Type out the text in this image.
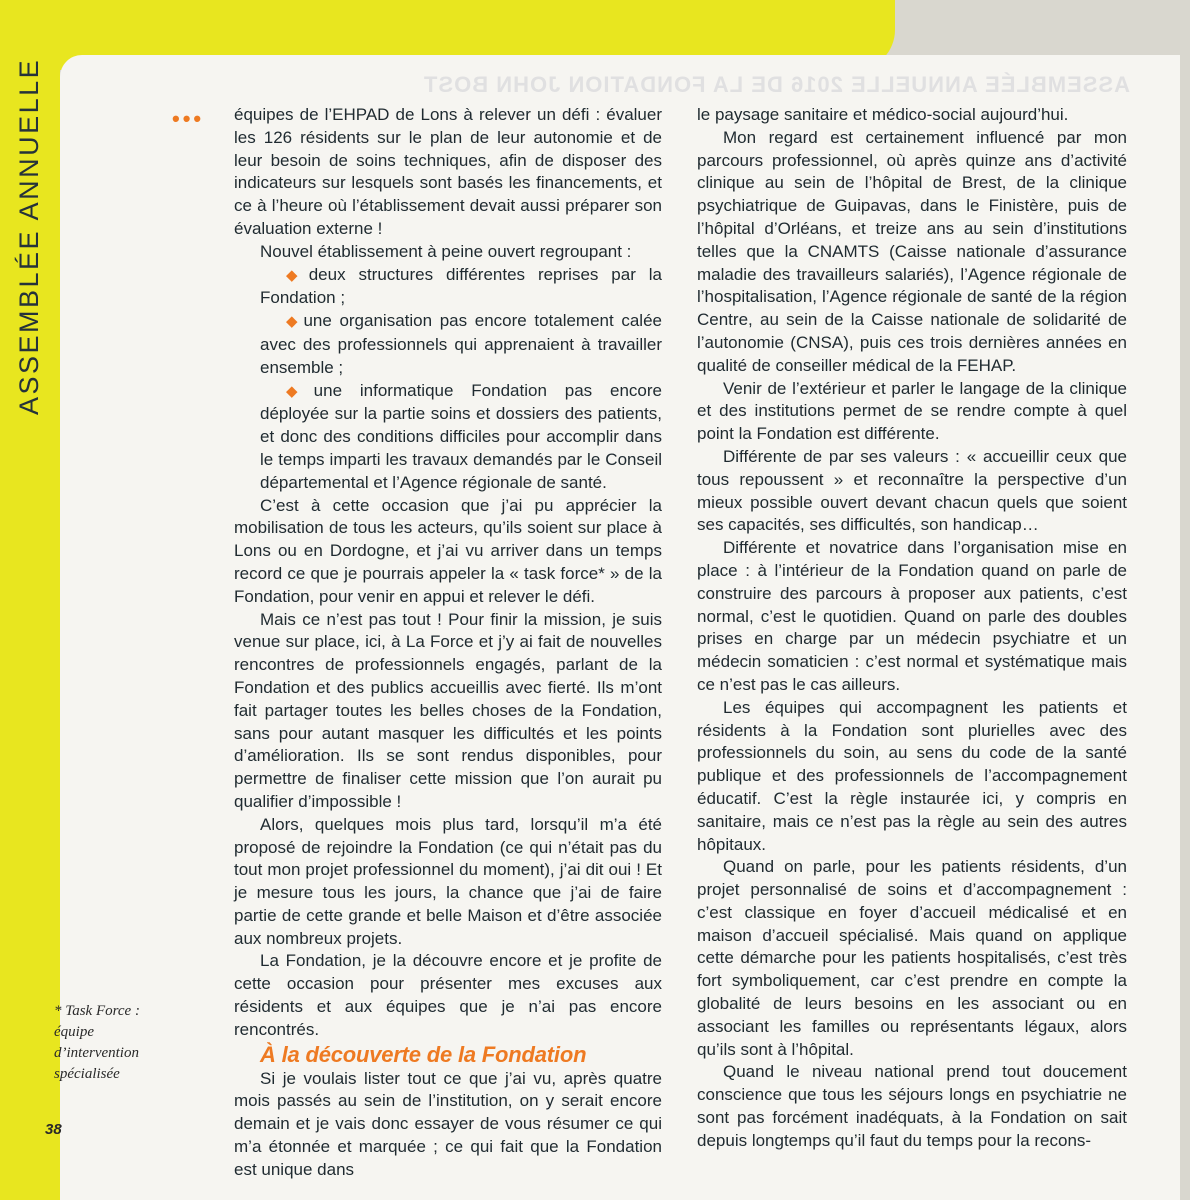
ASSEMBLÉE ANNUELLE 2016 DE LA FONDATION JOHN BOST
ASSEMBLÉE ANNUELLE	••• équipes de l’EHPAD de Lons à relever un défi : évaluer les 126 résidents sur le plan de leur autonomie et de leur besoin de soins techniques, afin de disposer des indicateurs sur lesquels sont basés les financements, et ce à l’heure où l’établissement devait aussi préparer son évaluation externe !

Nouvel établissement à peine ouvert regroupant :

◆ deux structures différentes reprises par la Fondation ;

◆ une organisation pas encore totalement calée avec des professionnels qui apprenaient à travailler ensemble ;

◆ une informatique Fondation pas encore déployée sur la partie soins et dossiers des patients, et donc des conditions difficiles pour accomplir dans le temps imparti les travaux demandés par le Conseil départemental et l’Agence régionale de santé.

C’est à cette occasion que j’ai pu apprécier la mobilisation de tous les acteurs, qu’ils soient sur place à Lons ou en Dordogne, et j’ai vu arriver dans un temps record ce que je pourrais appeler la « task force* » de la Fondation, pour venir en appui et relever le défi.

Mais ce n’est pas tout ! Pour finir la mission, je suis venue sur place, ici, à La Force et j’y ai fait de nouvelles rencontres de professionnels engagés, parlant de la Fondation et des publics accueillis avec fierté. Ils m’ont fait partager toutes les belles choses de la Fondation, sans pour autant masquer les difficultés et les points d’amélioration. Ils se sont rendus disponibles, pour permettre de finaliser cette mission que l’on aurait pu qualifier d’impossible !

Alors, quelques mois plus tard, lorsqu’il m’a été proposé de rejoindre la Fondation (ce qui n’était pas du tout mon projet professionnel du moment), j’ai dit oui ! Et je mesure tous les jours, la chance que j’ai de faire partie de cette grande et belle Maison et d’être associée aux nombreux projets.

La Fondation, je la découvre encore et je profite de cette occasion pour présenter mes excuses aux résidents et aux équipes que je n’ai pas encore rencontrés.

À la découverte de la Fondation

Si je voulais lister tout ce que j’ai vu, après quatre mois passés au sein de l’institution, on y serait encore demain et je vais donc essayer de vous résumer ce qui m’a étonnée et marquée ; ce qui fait que la Fondation est unique dans

le paysage sanitaire et médico-social aujourd’hui.

Mon regard est certainement influencé par mon parcours professionnel, où après quinze ans d’activité clinique au sein de l’hôpital de Brest, de la clinique psychiatrique de Guipavas, dans le Finistère, puis de l’hôpital d’Orléans, et treize ans au sein d’institutions telles que la CNAMTS (Caisse nationale d’assurance maladie des travailleurs salariés), l’Agence régionale de l’hospitalisation, l’Agence régionale de santé de la région Centre, au sein de la Caisse nationale de solidarité de l’autonomie (CNSA), puis ces trois dernières années en qualité de conseiller médical de la FEHAP.

Venir de l’extérieur et parler le langage de la clinique et des institutions permet de se rendre compte à quel point la Fondation est différente.

Différente de par ses valeurs : « accueillir ceux que tous repoussent » et reconnaître la perspective d’un mieux possible ouvert devant chacun quels que soient ses capacités, ses difficultés, son handicap…

Différente et novatrice dans l’organisation mise en place : à l’intérieur de la Fondation quand on parle de construire des parcours à proposer aux patients, c’est normal, c’est le quotidien. Quand on parle des doubles prises en charge par un médecin psychiatre et un médecin somaticien : c’est normal et systématique mais ce n’est pas le cas ailleurs.

Les équipes qui accompagnent les patients et résidents à la Fondation sont plurielles avec des professionnels du soin, au sens du code de la santé publique et des professionnels de l’accompagnement éducatif. C’est la règle instaurée ici, y compris en sanitaire, mais ce n’est pas la règle au sein des autres hôpitaux.

Quand on parle, pour les patients résidents, d’un projet personnalisé de soins et d’accompagnement : c’est classique en foyer d’accueil médicalisé et en maison d’accueil spécialisé. Mais quand on applique cette démarche pour les patients hospitalisés, c’est très fort symboliquement, car c’est prendre en compte la globalité de leurs besoins en les associant ou en associant les familles ou représentants légaux, alors qu’ils sont à l’hôpital.

Quand le niveau national prend tout doucement conscience que tous les séjours longs en psychiatrie ne sont pas forcément inadéquats, à la Fondation on sait depuis longtemps qu’il faut du temps pour la recons-

* Task Force :
équipe
d’intervention
spécialisée
38
